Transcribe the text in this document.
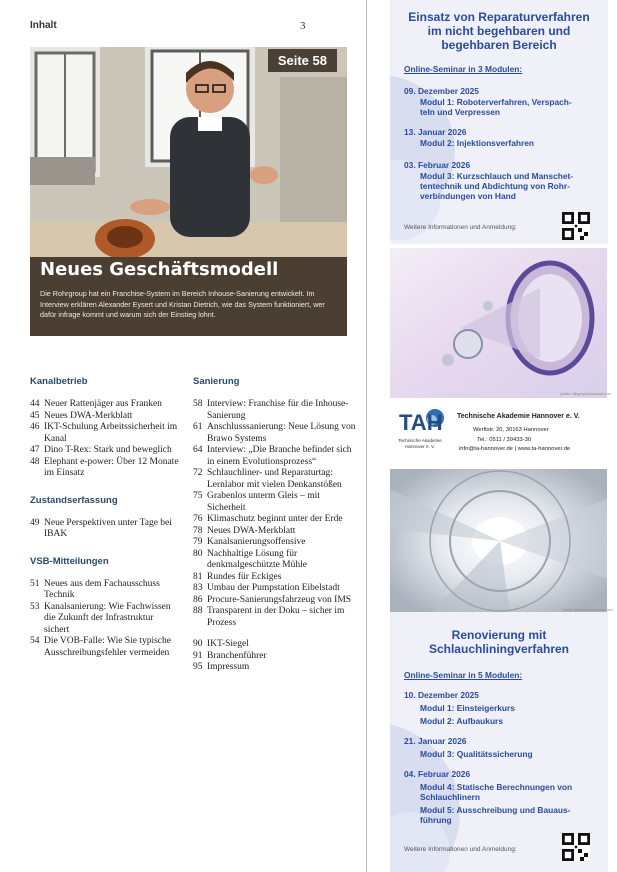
Inhalt	3
Seite 58
Neues Geschäftsmodell
Die Rohrgroup hat ein Franchise-System im Bereich Inhouse-Sanierung entwickelt. Im Interview erklären Alexander Eysert und Kristan Dietrich, wie das System funktioniert, wer dafür infrage kommt und warum sich der Einstieg lohnt.
Kanalbetrieb
44 Neuer Rattenjäger aus Franken
45 Neues DWA-Merkblatt
46 IKT-Schulung Arbeitssicherheit im Kanal
47 Dino T-Rex: Stark und beweglich
48 Elephant e-power: Über 12 Monate im Einsatz
Zustandserfassung
49 Neue Perspektiven unter Tage bei IBAK
VSB-Mitteilungen
51 Neues aus dem Fachausschuss Technik
53 Kanalsanierung: Wie Fachwissen die Zukunft der Infrastruktur sichert
54 Die VOB-Falle: Wie Sie typische Ausschreibungsfehler vermeiden
Sanierung
58 Interview: Franchise für die Inhouse-Sanierung
61 Anschlusssanierung: Neue Lösung von Brawo Systems
64 Interview: „Die Branche befindet sich in einem Evolutionsprozess“
72 Schlauchliner- und Reparaturtag: Lernlabor mit vielen Denkanstößen
75 Grabenlos unterm Gleis – mit Sicherheit
76 Klimaschutz beginnt unter der Erde
78 Neues DWA-Merkblatt
79 Kanalsanierungsoffensive
80 Nachhaltige Lösung für denkmalgeschützte Mühle
81 Rundes für Eckiges
83 Umbau der Pumpstation Eibelstadt
86 Procure-Sanierungsfahrzeug von IMS
88 Transparent in der Doku – sicher im Prozess
90 IKT-Siegel
91 Branchenführer
95 Impressum
Einsatz von Reparaturverfahren
im nicht begehbaren und
begehbaren Bereich
Online-Seminar in 3 Modulen:
09. Dezember 2025
Modul 1: Roboterverfahren, Verspach-
teln und Verpressen
13. Januar 2026
Modul 2: Injektionsverfahren
03. Februar 2026
Modul 3: Kurzschlauch und Manschet-
tentechnik und Abdichtung von Rohr-
verbindungen von Hand
Weitere Informationen und Anmeldung:
Quelle: stingray/adobestock.com
TAH
Technische Akademie
Hannover e. V.
Technische Akademie Hannover e. V.
Werftstr. 20, 30163 Hannover
Tel.: 0511 / 39433-30
info@ta-hannover.de | www.ta-hannover.de
Quelle: Melinda/adobestock.com
Renovierung mit
Schlauchliningverfahren
Online-Seminar in 5 Modulen:
10. Dezember 2025
Modul 1: Einsteigerkurs
Modul 2: Aufbaukurs
21. Januar 2026
Modul 3: Qualitätssicherung
04. Februar 2026
Modul 4: Statische Berechnungen von
Schlauchlinern
Modul 5: Ausschreibung und Bauaus-
führung
Weitere Informationen und Anmeldung:
